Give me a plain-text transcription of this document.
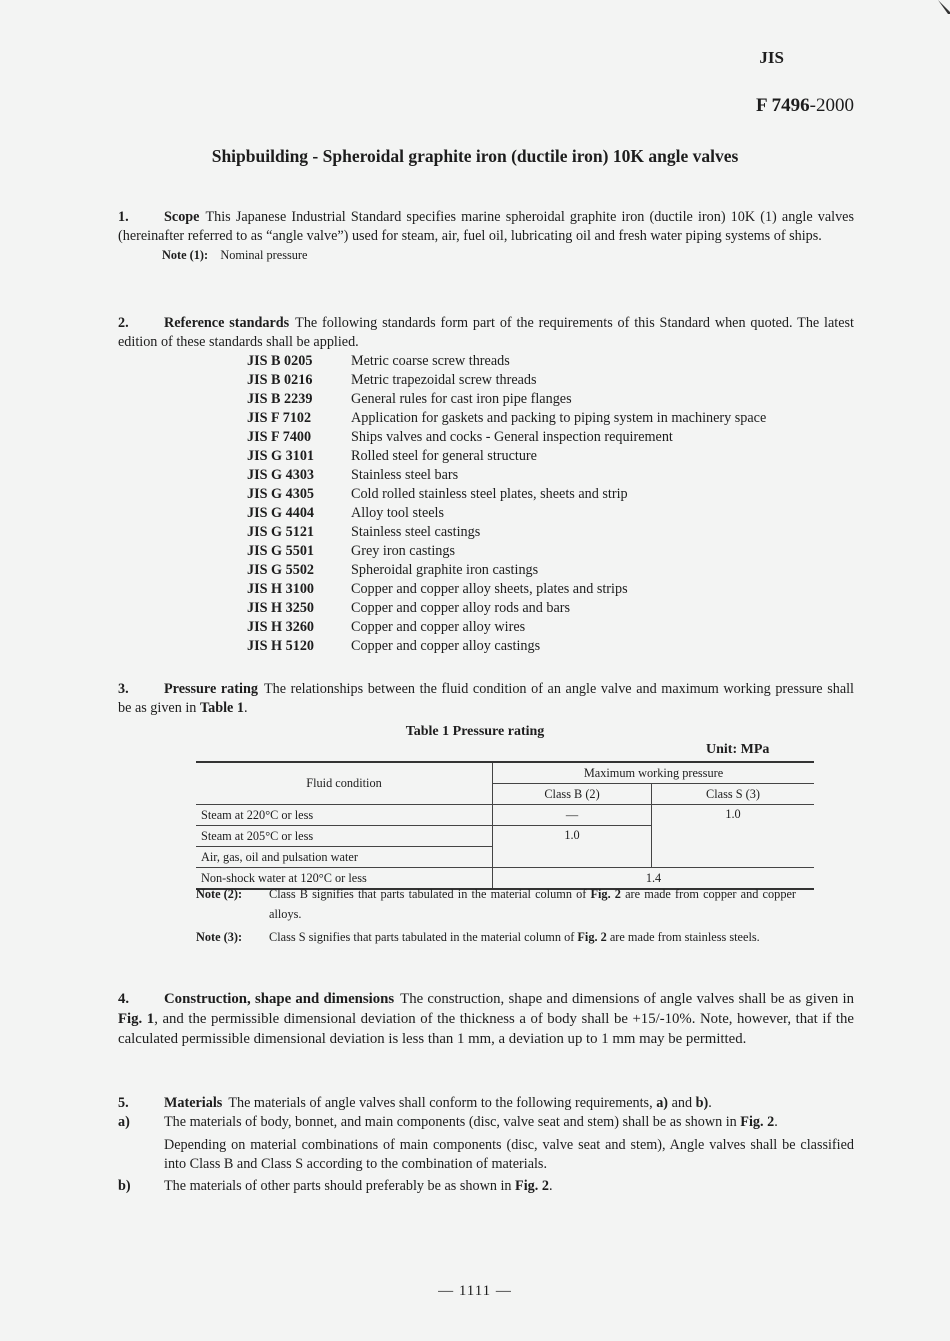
JIS
F 7496-2000
Shipbuilding - Spheroidal graphite iron (ductile iron) 10K angle valves
1. Scope This Japanese Industrial Standard specifies marine spheroidal graphite iron (ductile iron) 10K (1) angle valves (hereinafter referred to as “angle valve”) used for steam, air, fuel oil, lubricating oil and fresh water piping systems of ships.
Note (1): Nominal pressure
2. Reference standards The following standards form part of the requirements of this Standard when quoted. The latest edition of these standards shall be applied.
JIS B 0205	Metric coarse screw threads
JIS B 0216	Metric trapezoidal screw threads
JIS B 2239	General rules for cast iron pipe flanges
JIS F 7102	Application for gaskets and packing to piping system in machinery space
JIS F 7400	Ships valves and cocks - General inspection requirement
JIS G 3101	Rolled steel for general structure
JIS G 4303	Stainless steel bars
JIS G 4305	Cold rolled stainless steel plates, sheets and strip
JIS G 4404	Alloy tool steels
JIS G 5121	Stainless steel castings
JIS G 5501	Grey iron castings
JIS G 5502	Spheroidal graphite iron castings
JIS H 3100	Copper and copper alloy sheets, plates and strips
JIS H 3250	Copper and copper alloy rods and bars
JIS H 3260	Copper and copper alloy wires
JIS H 5120	Copper and copper alloy castings
3. Pressure rating The relationships between the fluid condition of an angle valve and maximum working pressure shall be as given in Table 1.
Table 1 Pressure rating
Unit: MPa
Fluid condition	Maximum working pressure	
	Class B (2)	Class S (3)
Steam at 220°C or less	—	1.0
Steam at 205°C or less	1.0	
Air, gas, oil and pulsation water		
Non-shock water at 120°C or less	1.4	
Note (2):	Class B signifies that parts tabulated in the material column of Fig. 2 are made from copper and copper alloys.
Note (3):	Class S signifies that parts tabulated in the material column of Fig. 2 are made from stainless steels.
4. Construction, shape and dimensions The construction, shape and dimensions of angle valves shall be as given in Fig. 1, and the permissible dimensional deviation of the thickness a of body shall be +15/-10%. Note, however, that if the calculated permissible dimensional deviation is less than 1 mm, a deviation up to 1 mm may be permitted.
5. Materials The materials of angle valves shall conform to the following requirements, a) and b).
a)	The materials of body, bonnet, and main components (disc, valve seat and stem) shall be as shown in Fig. 2.
Depending on material combinations of main components (disc, valve seat and stem), Angle valves shall be classified into Class B and Class S according to the combination of materials.
b)	The materials of other parts should preferably be as shown in Fig. 2.
— 1111 —
